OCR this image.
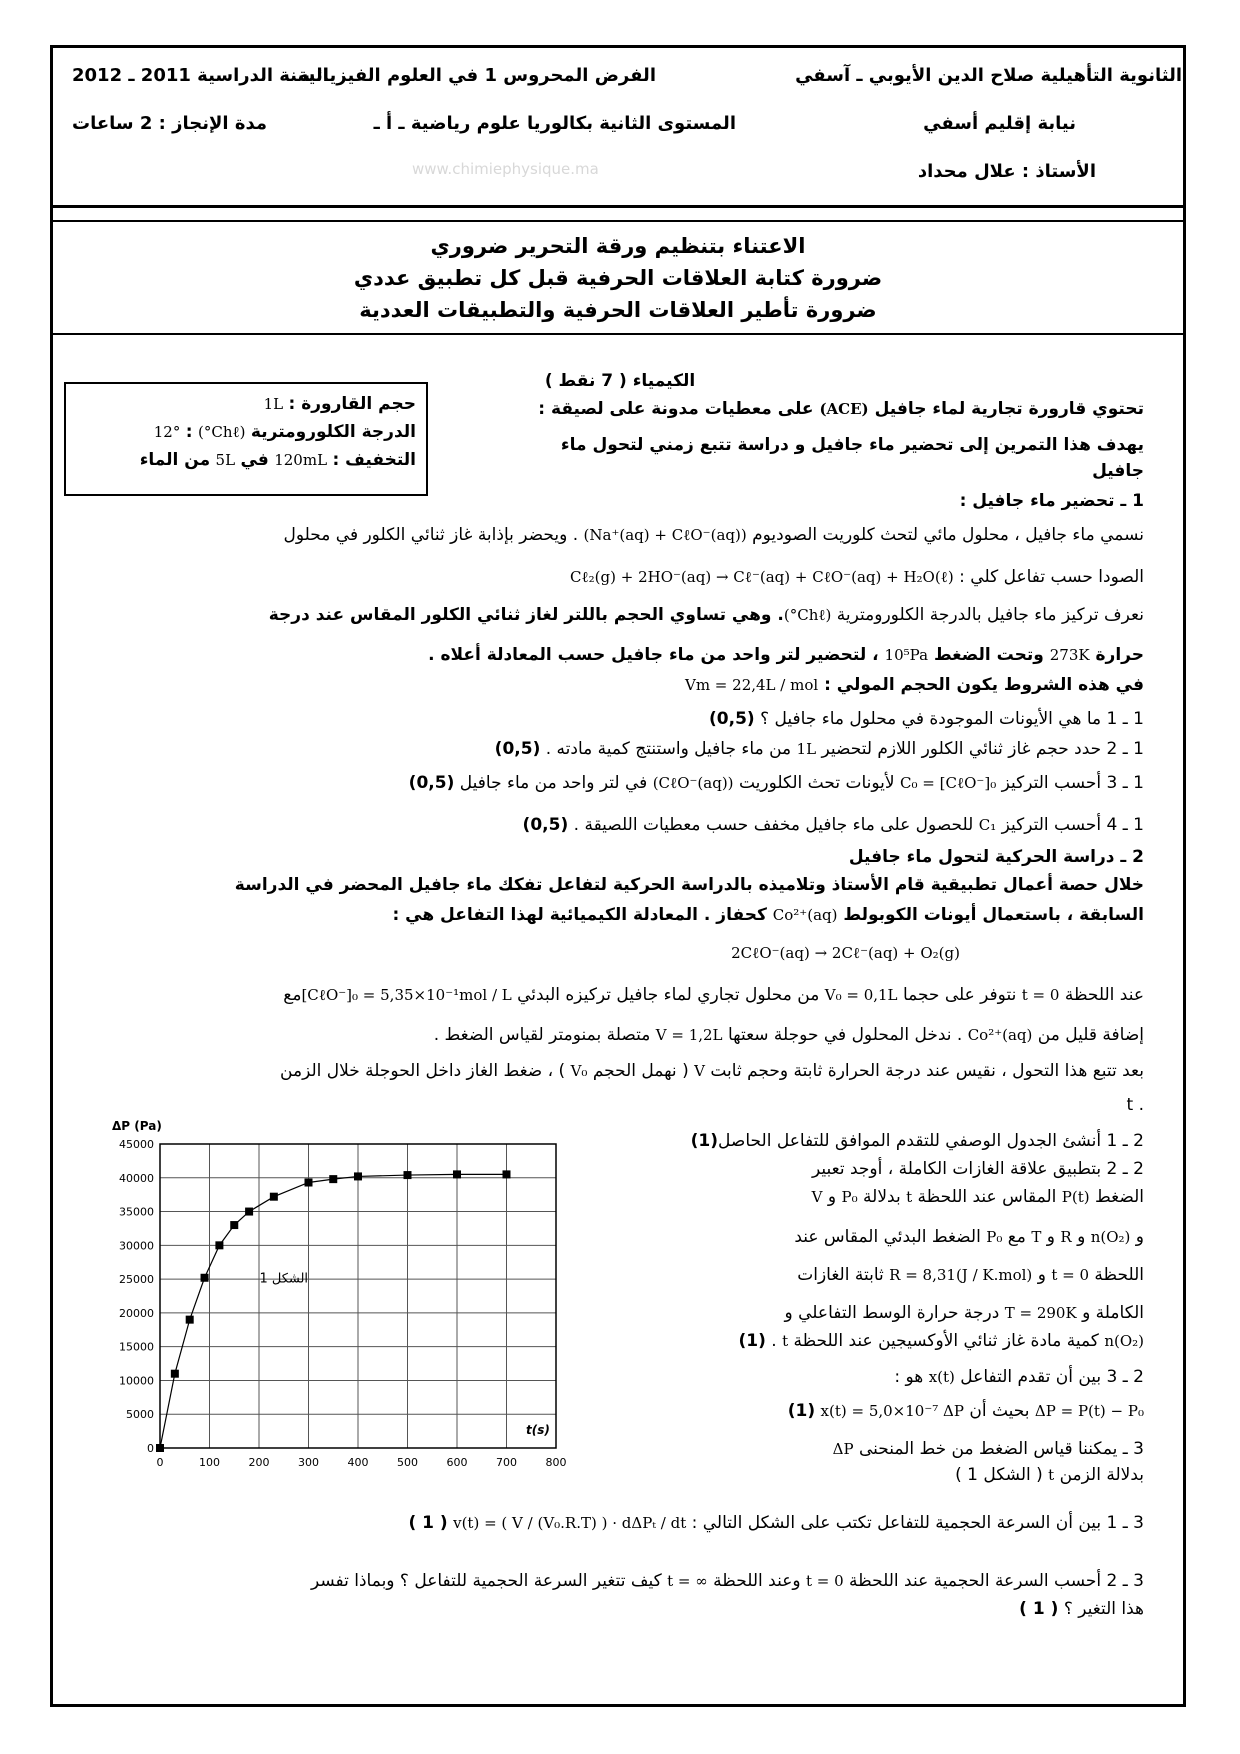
الثانوية التأهيلية صلاح الدين الأيوبي ـ آسفي
الفرض المحروس 1 في العلوم الفيزيائية
السنة الدراسية 2011 ـ 2012
نيابة إقليم أسفي
المستوى الثانية بكالوريا علوم رياضية ـ أ ـ
مدة الإنجاز : 2 ساعات
الأستاذ : علال محداد
www.chimiephysique.ma
الاعتناء بتنظيم ورقة التحرير ضروري
ضرورة كتابة العلاقات الحرفية قبل كل تطبيق عددي
ضرورة تأطير العلاقات الحرفية والتطبيقات العددية
الكيمياء ( 7 نقط )
حجم القارورة : 1L
الدرجة الكلورومترية (°Chℓ) : 12°
التخفيف : 120mL في 5L من الماء
تحتوي قارورة تجارية لماء جافيل (ACE) على معطيات مدونة على لصيقة :
يهدف هذا التمرين إلى تحضير ماء جافيل و دراسة تتبع زمني لتحول ماء
جافيل
1 ـ تحضير ماء جافيل :
نسمي ماء جافيل ، محلول مائي لتحث كلوريت الصوديوم (Na⁺(aq) + CℓO⁻(aq)) . ويحضر بإذابة غاز ثنائي الكلور في محلول
الصودا حسب تفاعل كلي : Cℓ₂(g) + 2HO⁻(aq) → Cℓ⁻(aq) + CℓO⁻(aq) + H₂O(ℓ)
نعرف تركيز ماء جافيل بالدرجة الكلورومترية (°Chℓ). وهي تساوي الحجم باللتر لغاز ثنائي الكلور المقاس عند درجة
حرارة 273K وتحت الضغط 10⁵Pa ، لتحضير لتر واحد من ماء جافيل حسب المعادلة أعلاه .
في هذه الشروط يكون الحجم المولي : Vm = 22,4L / mol
1 ـ 1 ما هي الأيونات الموجودة في محلول ماء جافيل ؟ (0,5)
1 ـ 2 حدد حجم غاز ثنائي الكلور اللازم لتحضير 1L من ماء جافيل واستنتج كمية مادته . (0,5)
1 ـ 3 أحسب التركيز C₀ = [CℓO⁻]₀ لأيونات تحث الكلوريت (CℓO⁻(aq)) في لتر واحد من ماء جافيل (0,5)
1 ـ 4 أحسب التركيز C₁ للحصول على ماء جافيل مخفف حسب معطيات اللصيقة . (0,5)
2 ـ دراسة الحركية لتحول ماء جافيل
خلال حصة أعمال تطبيقية قام الأستاذ وتلاميذه بالدراسة الحركية لتفاعل تفكك ماء جافيل المحضر في الدراسة
السابقة ، باستعمال أيونات الكوبولط Co²⁺(aq) كحفاز . المعادلة الكيميائية لهذا التفاعل هي :
2CℓO⁻(aq) → 2Cℓ⁻(aq) + O₂(g)
عند اللحظة t = 0 نتوفر على حجما V₀ = 0,1L من محلول تجاري لماء جافيل تركيزه البدئي [CℓO⁻]₀ = 5,35×10⁻¹mol / Lمع
إضافة قليل من Co²⁺(aq) . ندخل المحلول في حوجلة سعتها V = 1,2L متصلة بمنومتر لقياس الضغط .
بعد تتبع هذا التحول ، نقيس عند درجة الحرارة ثابتة وحجم ثابت V ( نهمل الحجم V₀ ) ، ضغط الغاز داخل الحوجلة خلال الزمن
. t
2 ـ 1 أنشئ الجدول الوصفي للتقدم الموافق للتفاعل الحاصل(1)
2 ـ 2 بتطبيق علاقة الغازات الكاملة ، أوجد تعبير
الضغط P(t) المقاس عند اللحظة t بدلالة P₀ و V
و n(O₂) و R و T مع P₀ الضغط البدئي المقاس عند
اللحظة t = 0 و R = 8,31(J / K.mol) ثابتة الغازات
الكاملة و T = 290K درجة حرارة الوسط التفاعلي و
n(O₂) كمية مادة غاز ثنائي الأوكسيجين عند اللحظة t . (1)
2 ـ 3 بين أن تقدم التفاعل x(t) هو :
ΔP = P(t) − P₀ بحيث أن x(t) = 5,0×10⁻⁷ ΔP (1)
3 ـ يمكننا قياس الضغط من خط المنحنى ΔP
بدلالة الزمن t ( الشكل 1 )
3 ـ 1 بين أن السرعة الحجمية للتفاعل تكتب على الشكل التالي : v(t) = ( V / (V₀.R.T) ) · dΔPₜ / dt ( 1 )
3 ـ 2 أحسب السرعة الحجمية عند اللحظة t = 0 وعند اللحظة t = ∞ كيف تتغير السرعة الحجمية للتفاعل ؟ وبماذا تفسر
هذا التغير ؟ ( 1 )
0	100	200	300	400	500	600	700	800
0
5000
10000
15000
20000
25000
30000
35000
40000
45000
ΔP (Pa)
t(s)
الشكل 1
